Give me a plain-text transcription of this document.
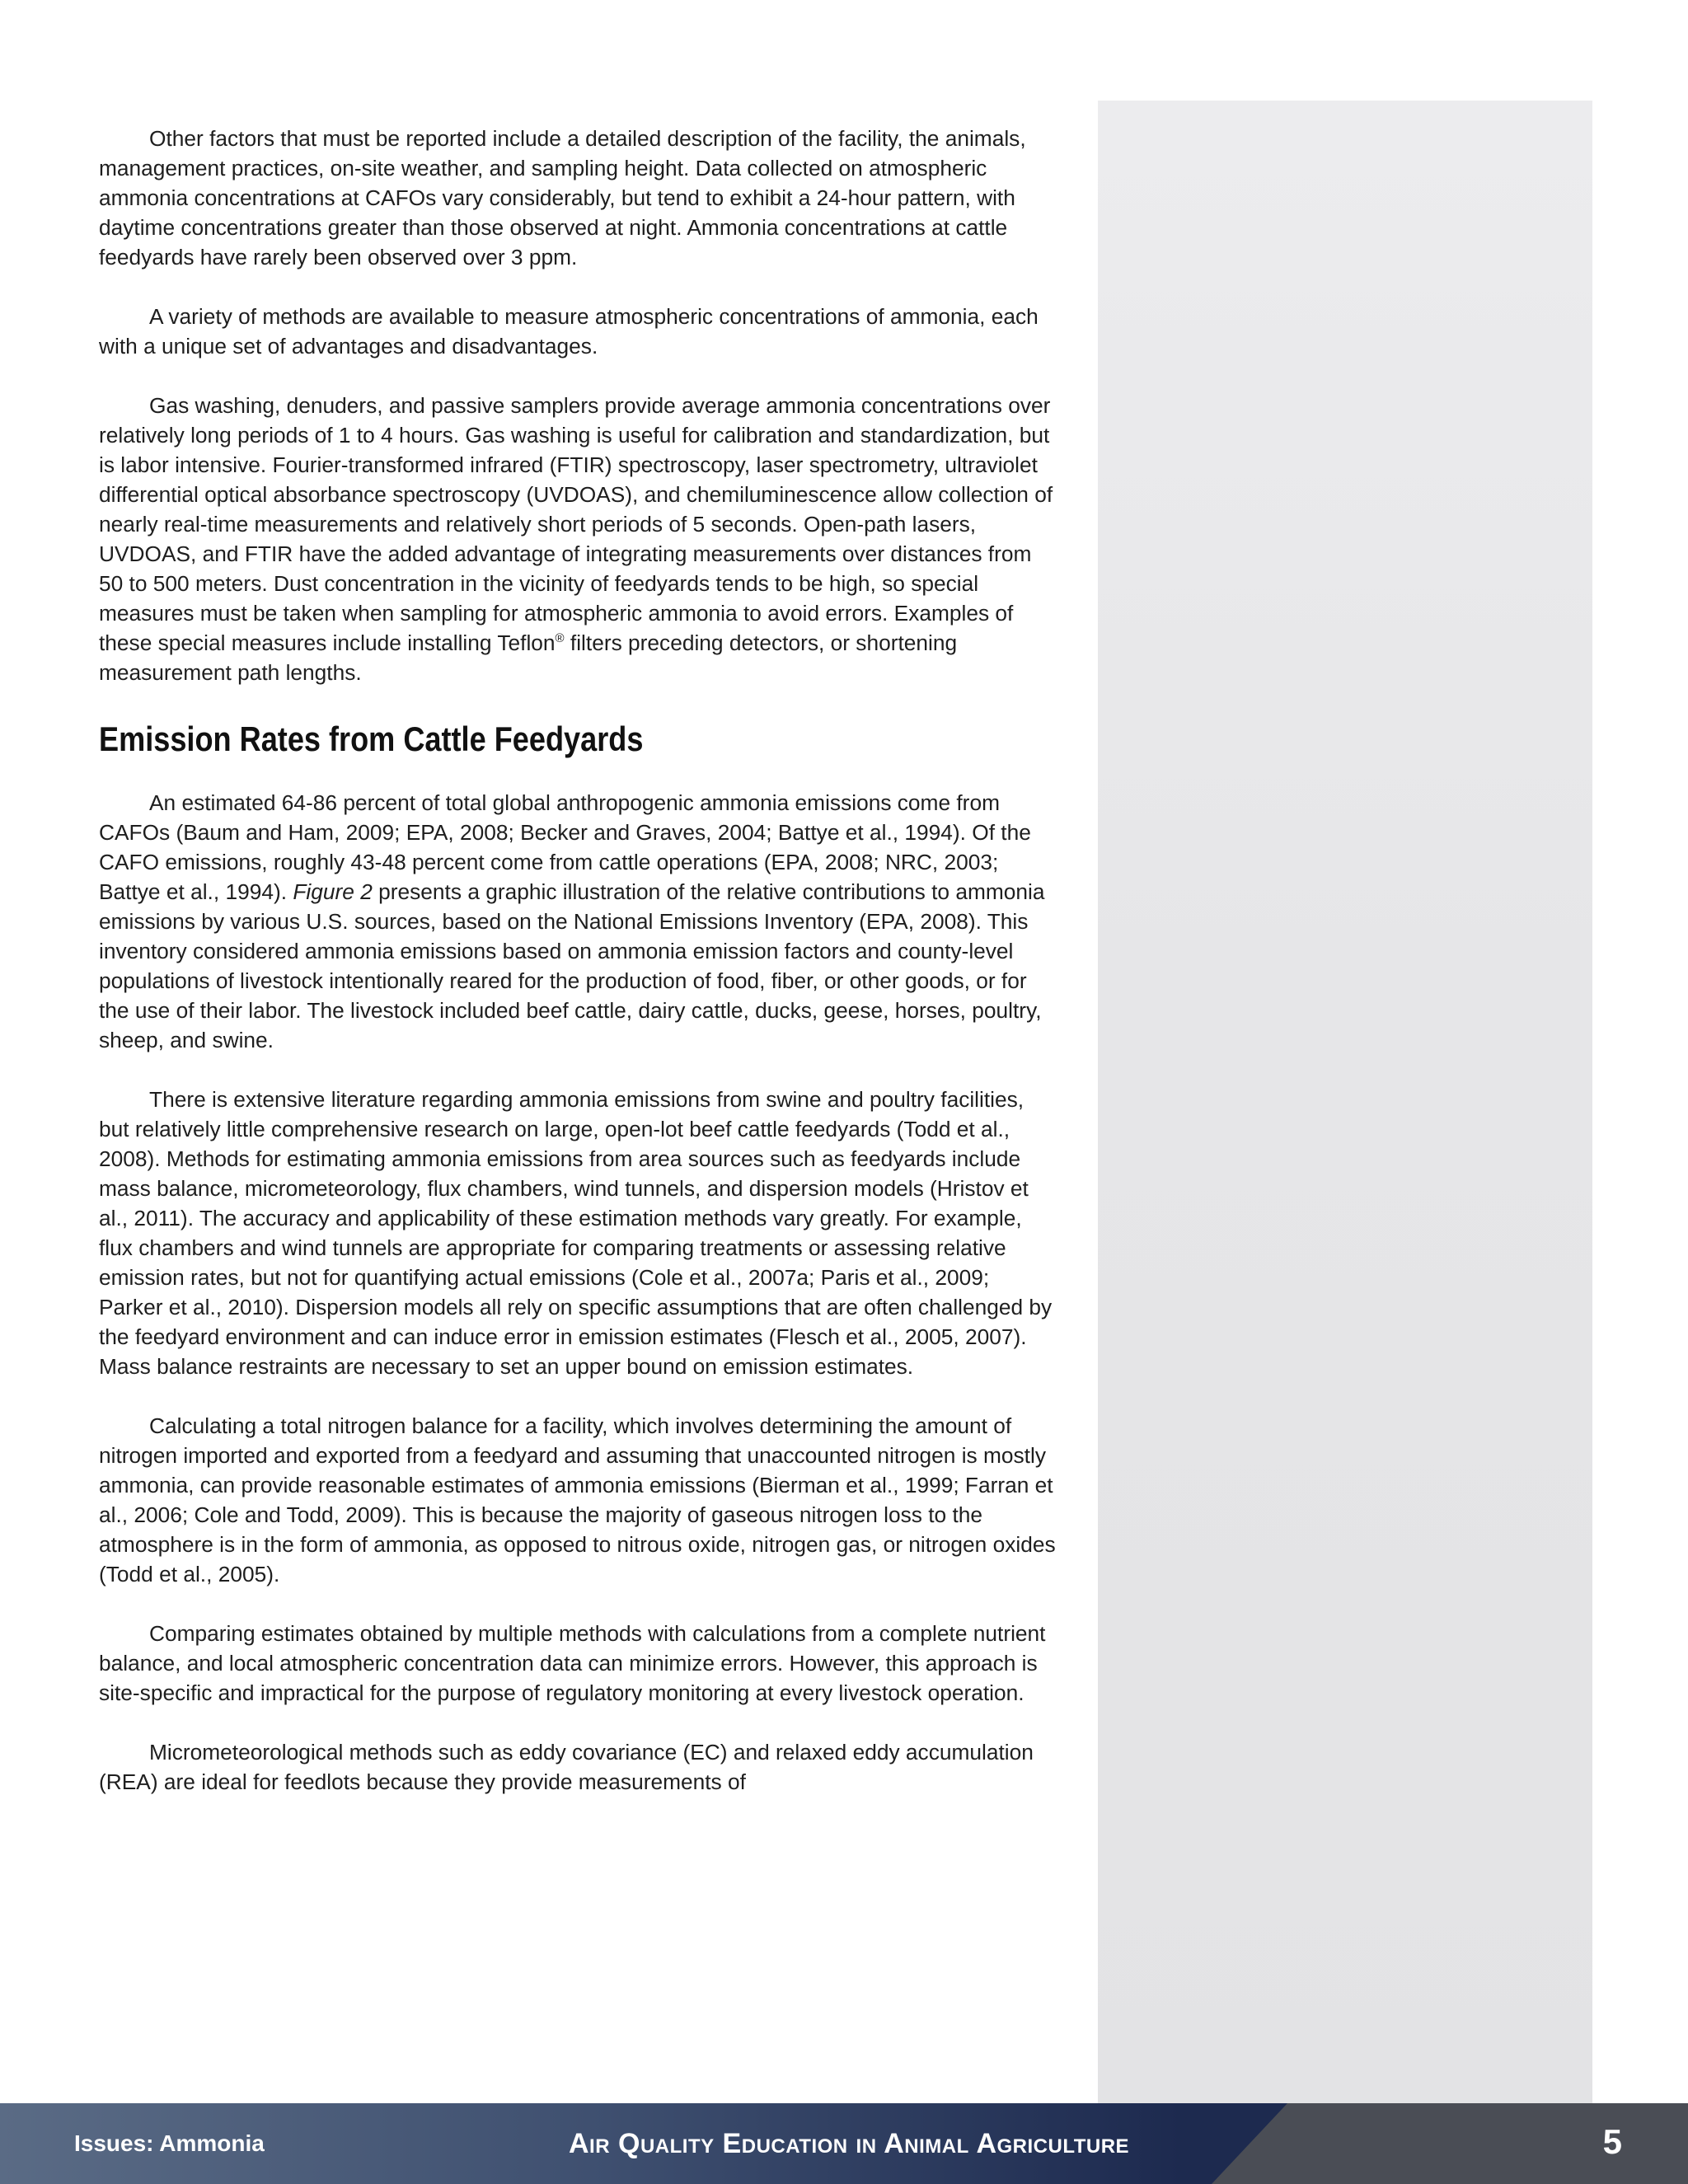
Other factors that must be reported include a detailed description of the facility, the animals, management practices, on-site weather, and sampling height. Data collected on atmospheric ammonia concentrations at CAFOs vary considerably, but tend to exhibit a 24-hour pattern, with daytime concentrations greater than those observed at night. Ammonia concentrations at cattle feedyards have rarely been observed over 3 ppm.

A variety of methods are available to measure atmospheric concentrations of ammonia, each with a unique set of advantages and disadvantages.

Gas washing, denuders, and passive samplers provide average ammonia concentrations over relatively long periods of 1 to 4 hours. Gas washing is useful for calibration and standardization, but is labor intensive. Fourier-transformed infrared (FTIR) spectroscopy, laser spectrometry, ultraviolet differential optical absorbance spectroscopy (UVDOAS), and chemiluminescence allow collection of nearly real-time measurements and relatively short periods of 5 seconds. Open-path lasers, UVDOAS, and FTIR have the added advantage of integrating measurements over distances from 50 to 500 meters. Dust concentration in the vicinity of feedyards tends to be high, so special measures must be taken when sampling for atmospheric ammonia to avoid errors. Examples of these special measures include installing Teflon® filters preceding detectors, or shortening measurement path lengths.

Emission Rates from Cattle Feedyards

An estimated 64-86 percent of total global anthropogenic ammonia emissions come from CAFOs (Baum and Ham, 2009; EPA, 2008; Becker and Graves, 2004; Battye et al., 1994). Of the CAFO emissions, roughly 43-48 percent come from cattle operations (EPA, 2008; NRC, 2003; Battye et al., 1994). Figure 2 presents a graphic illustration of the relative contributions to ammonia emissions by various U.S. sources, based on the National Emissions Inventory (EPA, 2008). This inventory considered ammonia emissions based on ammonia emission factors and county-level populations of livestock intentionally reared for the production of food, fiber, or other goods, or for the use of their labor. The livestock included beef cattle, dairy cattle, ducks, geese, horses, poultry, sheep, and swine.

There is extensive literature regarding ammonia emissions from swine and poultry facilities, but relatively little comprehensive research on large, open-lot beef cattle feedyards (Todd et al., 2008). Methods for estimating ammonia emissions from area sources such as feedyards include mass balance, micrometeorology, flux chambers, wind tunnels, and dispersion models (Hristov et al., 2011). The accuracy and applicability of these estimation methods vary greatly. For example, flux chambers and wind tunnels are appropriate for comparing treatments or assessing relative emission rates, but not for quantifying actual emissions (Cole et al., 2007a; Paris et al., 2009; Parker et al., 2010). Dispersion models all rely on specific assumptions that are often challenged by the feedyard environment and can induce error in emission estimates (Flesch et al., 2005, 2007). Mass balance restraints are necessary to set an upper bound on emission estimates.

Calculating a total nitrogen balance for a facility, which involves determining the amount of nitrogen imported and exported from a feedyard and assuming that unaccounted nitrogen is mostly ammonia, can provide reasonable estimates of ammonia emissions (Bierman et al., 1999; Farran et al., 2006; Cole and Todd, 2009). This is because the majority of gaseous nitrogen loss to the atmosphere is in the form of ammonia, as opposed to nitrous oxide, nitrogen gas, or nitrogen oxides (Todd et al., 2005).

Comparing estimates obtained by multiple methods with calculations from a complete nutrient balance, and local atmospheric concentration data can minimize errors. However, this approach is site-specific and impractical for the purpose of regulatory monitoring at every livestock operation.

Micrometeorological methods such as eddy covariance (EC) and relaxed eddy accumulation (REA) are ideal for feedlots because they provide measurements of

Issues: Ammonia	Air Quality Education in Animal Agriculture	5
